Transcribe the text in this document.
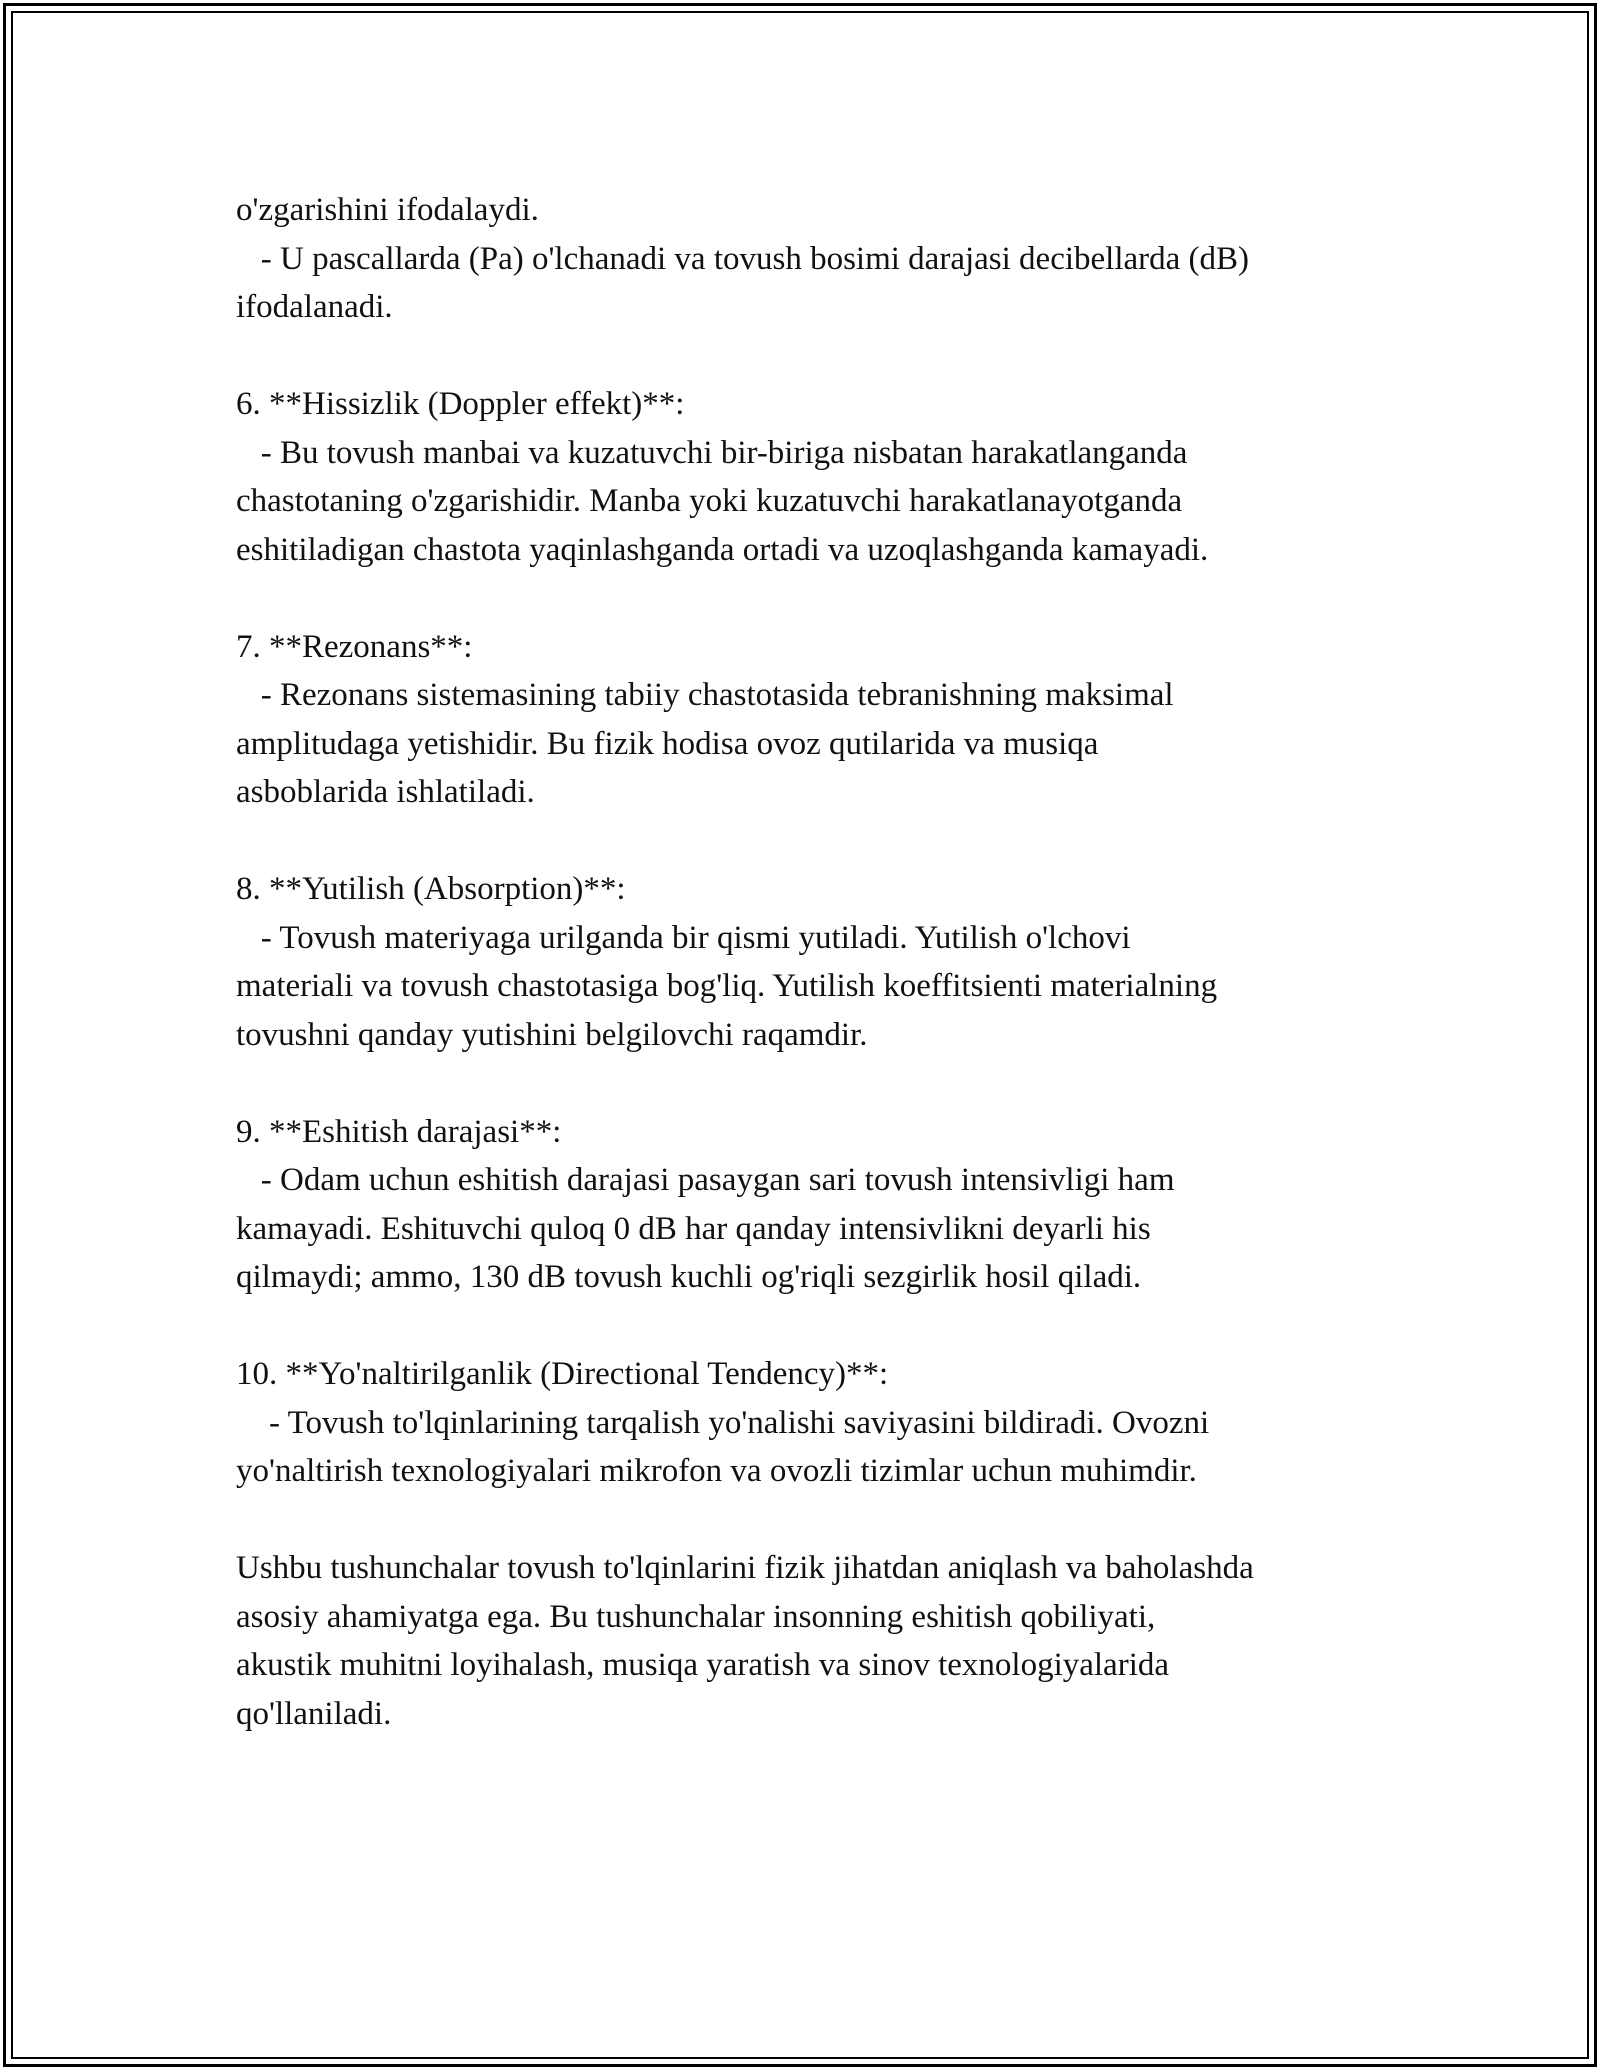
o'zgarishini ifodalaydi.
- U pascallarda (Pa) o'lchanadi va tovush bosimi darajasi decibellarda (dB)
ifodalanadi.
6. **Hissizlik (Doppler effekt)**:
- Bu tovush manbai va kuzatuvchi bir-biriga nisbatan harakatlanganda
chastotaning o'zgarishidir. Manba yoki kuzatuvchi harakatlanayotganda
eshitiladigan chastota yaqinlashganda ortadi va uzoqlashganda kamayadi.
7. **Rezonans**:
- Rezonans sistemasining tabiiy chastotasida tebranishning maksimal
amplitudaga yetishidir. Bu fizik hodisa ovoz qutilarida va musiqa
asboblarida ishlatiladi.
8. **Yutilish (Absorption)**:
- Tovush materiyaga urilganda bir qismi yutiladi. Yutilish o'lchovi
materiali va tovush chastotasiga bog'liq. Yutilish koeffitsienti materialning
tovushni qanday yutishini belgilovchi raqamdir.
9. **Eshitish darajasi**:
- Odam uchun eshitish darajasi pasaygan sari tovush intensivligi ham
kamayadi. Eshituvchi quloq 0 dB har qanday intensivlikni deyarli his
qilmaydi; ammo, 130 dB tovush kuchli og'riqli sezgirlik hosil qiladi.
10. **Yo'naltirilganlik (Directional Tendency)**:
- Tovush to'lqinlarining tarqalish yo'nalishi saviyasini bildiradi. Ovozni
yo'naltirish texnologiyalari mikrofon va ovozli tizimlar uchun muhimdir.
Ushbu tushunchalar tovush to'lqinlarini fizik jihatdan aniqlash va baholashda
asosiy ahamiyatga ega. Bu tushunchalar insonning eshitish qobiliyati,
akustik muhitni loyihalash, musiqa yaratish va sinov texnologiyalarida
qo'llaniladi.
